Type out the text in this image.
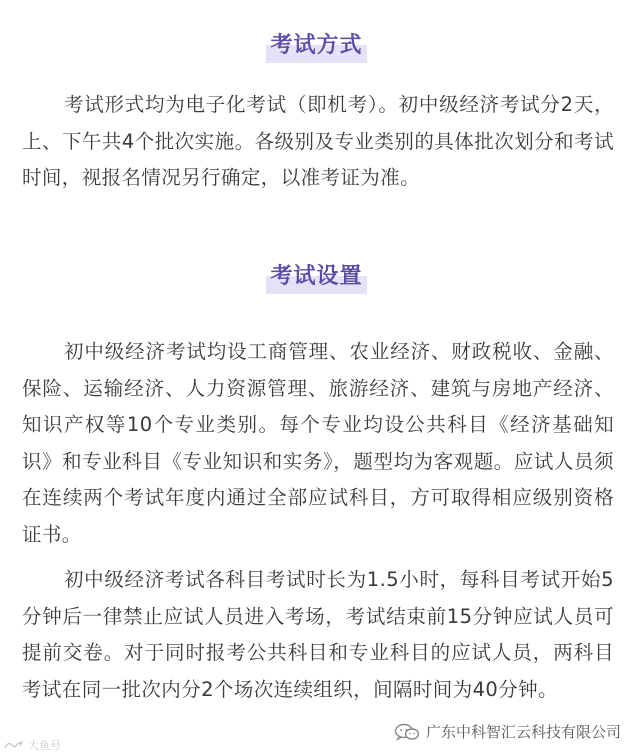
考试方式

考试形式均为电子化考试（即机考）。初中级经济考试分2天，上、下午共4个批次实施。各级别及专业类别的具体批次划分和考试时间，视报名情况另行确定，以准考证为准。

考试设置

初中级经济考试均设工商管理、农业经济、财政税收、金融、保险、运输经济、人力资源管理、旅游经济、建筑与房地产经济、知识产权等10个专业类别。每个专业均设公共科目《经济基础知识》和专业科目《专业知识和实务》，题型均为客观题。应试人员须在连续两个考试年度内通过全部应试科目，方可取得相应级别资格证书。

初中级经济考试各科目考试时长为1.5小时，每科目考试开始5分钟后一律禁止应试人员进入考场，考试结束前15分钟应试人员可提前交卷。对于同时报考公共科目和专业科目的应试人员，两科目考试在同一批次内分2个场次连续组织，间隔时间为40分钟。

广东中科智汇云科技有限公司
大鱼号
